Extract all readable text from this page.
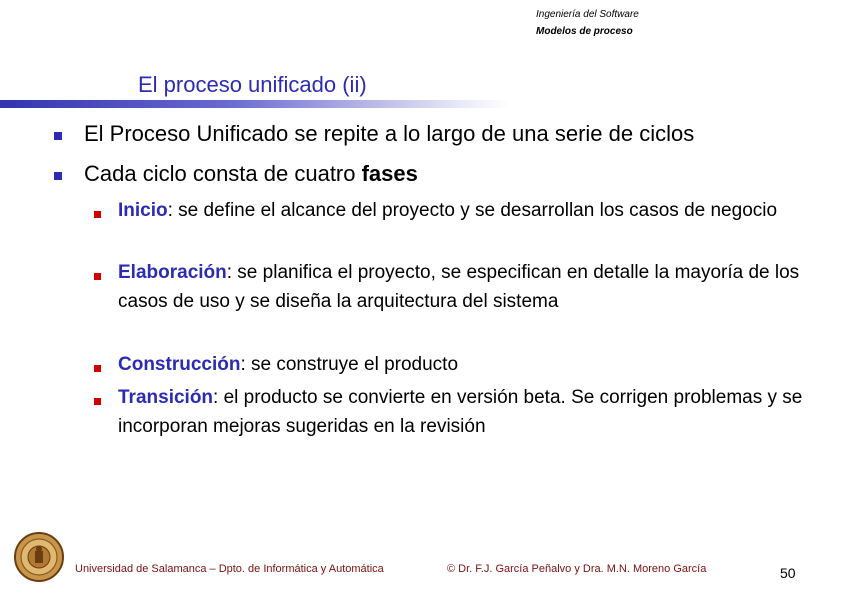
Ingeniería del Software
Modelos de proceso
El proceso unificado (ii)
El Proceso Unificado se repite a lo largo de una serie de ciclos
Cada ciclo consta de cuatro fases
Inicio: se define el alcance del proyecto y se desarrollan los casos de negocio
Elaboración: se planifica el proyecto, se especifican en detalle la mayoría de los casos de uso y se diseña la arquitectura del sistema
Construcción: se construye el producto
Transición: el producto se convierte en versión beta. Se corrigen problemas y se incorporan mejoras sugeridas en la revisión
Universidad de Salamanca – Dpto. de Informática y Automática	© Dr. F.J. García Peñalvo y Dra. M.N. Moreno García	50
